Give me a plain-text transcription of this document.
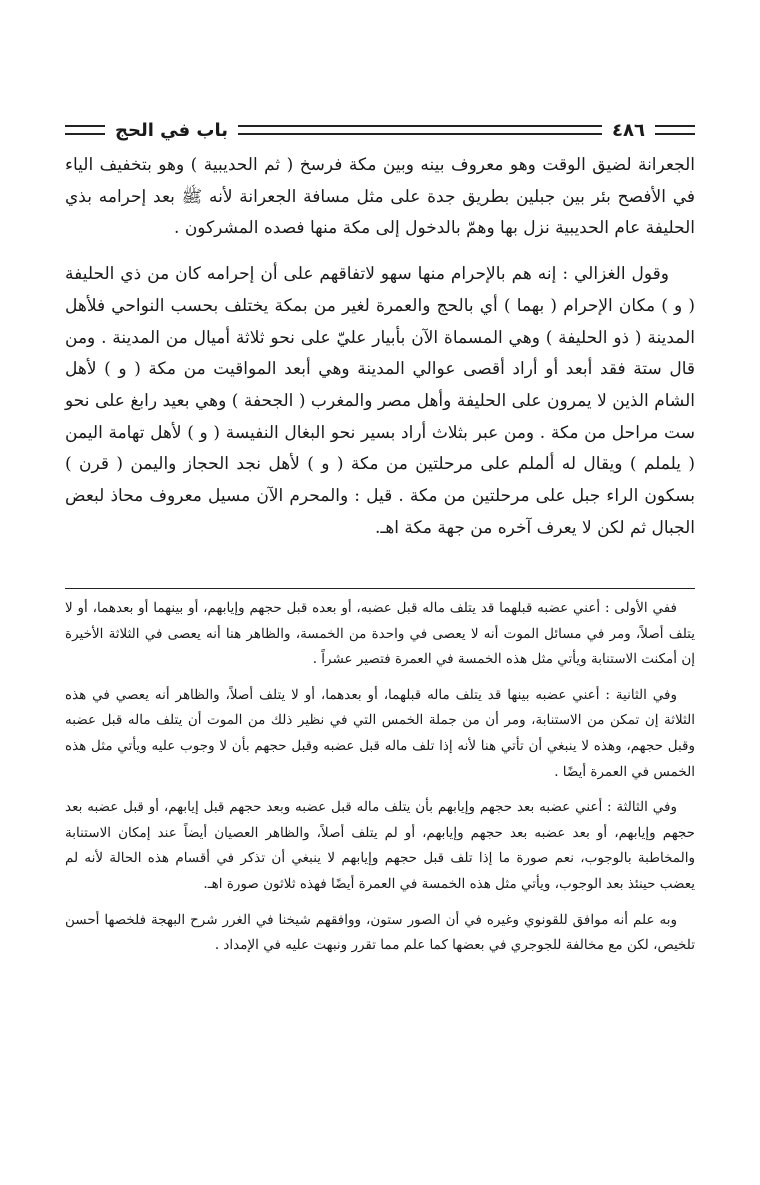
٤٨٦
باب في الحج

الجعرانة لضيق الوقت وهو معروف بينه وبين مكة فرسخ ( ثم الحديبية ) وهو بتخفيف الياء في الأفصح بئر بين جبلين بطريق جدة على مثل مسافة الجعرانة لأنه ﷺ بعد إحرامه بذي الحليفة عام الحديبية نزل بها وهمّ بالدخول إلى مكة منها فصده المشركون .

وقول الغزالي : إنه هم بالإحرام منها سهو لاتفاقهم على أن إحرامه كان من ذي الحليفة ( و ) مكان الإحرام ( بهما ) أي بالحج والعمرة لغير من بمكة يختلف بحسب النواحي فلأهل المدينة ( ذو الحليفة ) وهي المسماة الآن بأبيار عليّ على نحو ثلاثة أميال من المدينة . ومن قال ستة فقد أبعد أو أراد أقصى عوالي المدينة وهي أبعد المواقيت من مكة ( و ) لأهل الشام الذين لا يمرون على الحليفة وأهل مصر والمغرب ( الجحفة ) وهي بعيد رابغ على نحو ست مراحل من مكة . ومن عبر بثلاث أراد بسير نحو البغال النفيسة ( و ) لأهل تهامة اليمن ( يلملم ) ويقال له ألملم على مرحلتين من مكة ( و ) لأهل نجد الحجاز واليمن ( قرن ) بسكون الراء جبل على مرحلتين من مكة . قيل : والمحرم الآن مسيل معروف محاذ لبعض الجبال ثم لكن لا يعرف آخره من جهة مكة اهـ.

ففي الأولى : أعني عضبه قبلهما قد يتلف ماله قبل عضبه، أو بعده قبل حجهم وإيابهم، أو بينهما أو بعدهما، أو لا يتلف أصلاً، ومر في مسائل الموت أنه لا يعصى في واحدة من الخمسة، والظاهر هنا أنه يعصى في الثلاثة الأخيرة إن أمكنت الاستنابة ويأتي مثل هذه الخمسة في العمرة فتصير عشراً .

وفي الثانية : أعني عضبه بينها قد يتلف ماله قبلهما، أو بعدهما، أو لا يتلف أصلاً، والظاهر أنه يعصي في هذه الثلاثة إن تمكن من الاستنابة، ومر أن من جملة الخمس التي في نظير ذلك من الموت أن يتلف ماله قبل عضبه وقبل حجهم، وهذه لا ينبغي أن تأتي هنا لأنه إذا تلف ماله قبل عضبه وقبل حجهم بأن لا وجوب عليه ويأتي مثل هذه الخمس في العمرة أيضًا .

وفي الثالثة : أعني عضبه بعد حجهم وإيابهم بأن يتلف ماله قبل عضبه وبعد حجهم قبل إيابهم، أو قبل عضبه بعد حجهم وإيابهم، أو بعد عضبه بعد حجهم وإيابهم، أو لم يتلف أصلاً، والظاهر العصيان أيضاً عند إمكان الاستنابة والمخاطبة بالوجوب، نعم صورة ما إذا تلف قبل حجهم وإيابهم لا ينبغي أن تذكر في أقسام هذه الحالة لأنه لم يعضب حينئذ بعد الوجوب، ويأتي مثل هذه الخمسة في العمرة أيضًا فهذه ثلاثون صورة اهـ.

وبه علم أنه موافق للقونوي وغيره في أن الصور ستون، ووافقهم شيخنا في الغرر شرح البهجة فلخصها أحسن تلخيص، لكن مع مخالفة للجوجري في بعضها كما علم مما تقرر ونبهت عليه في الإمداد .
